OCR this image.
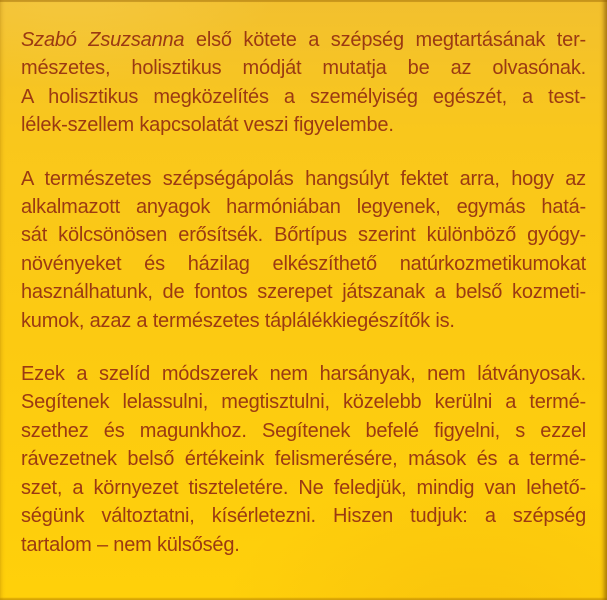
Szabó Zsuzsanna első kötete a szépség megtartásának ter-
mészetes, holisztikus módját mutatja be az olvasónak.
A holisztikus megközelítés a személyiség egészét, a test-
lélek-szellem kapcsolatát veszi figyelembe.
A természetes szépségápolás hangsúlyt fektet arra, hogy az
alkalmazott anyagok harmóniában legyenek, egymás hatá-
sát kölcsönösen erősítsék. Bőrtípus szerint különböző gyógy-
növényeket és házilag elkészíthető natúrkozmetikumokat
használhatunk, de fontos szerepet játszanak a belső kozmeti-
kumok, azaz a természetes táplálékkiegészítők is.
Ezek a szelíd módszerek nem harsányak, nem látványosak.
Segítenek lelassulni, megtisztulni, közelebb kerülni a termé-
szethez és magunkhoz. Segítenek befelé figyelni, s ezzel
rávezetnek belső értékeink felismerésére, mások és a termé-
szet, a környezet tiszteletére. Ne feledjük, mindig van lehető-
ségünk változtatni, kísérletezni. Hiszen tudjuk: a szépség
tartalom – nem külsőség.
